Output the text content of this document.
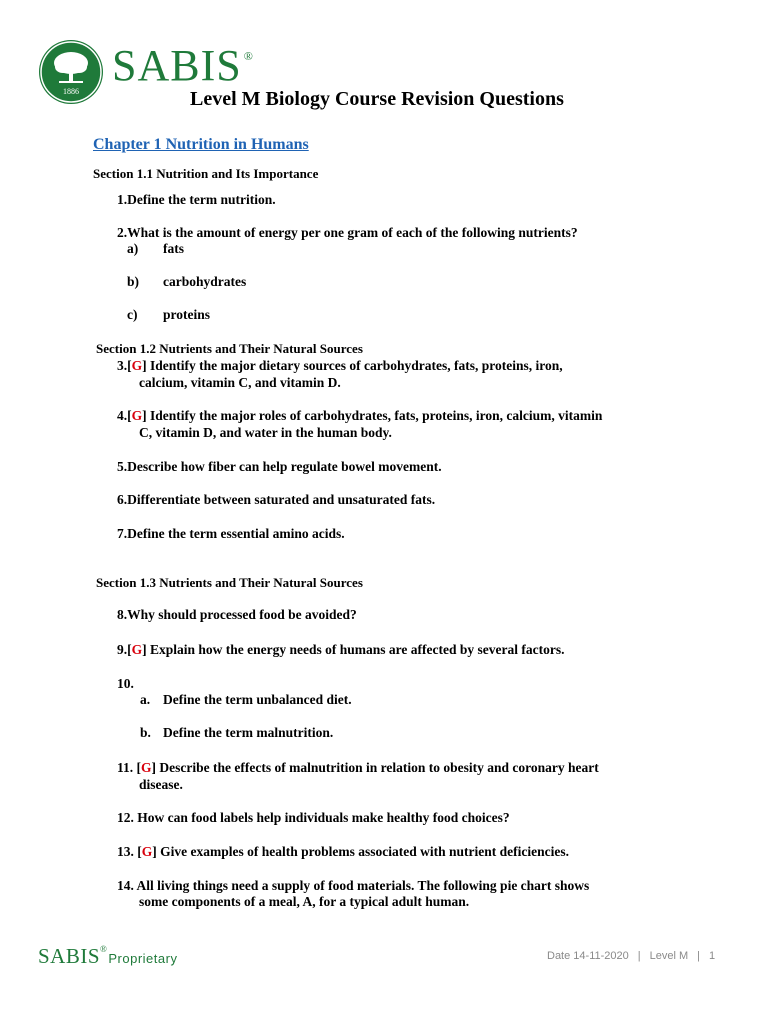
1886
SABIS ®
Level M Biology Course Revision Questions
Chapter 1 Nutrition in Humans
Section 1.1 Nutrition and Its Importance
1.Define the term nutrition.
2.What is the amount of energy per one gram of each of the following nutrients?
a) fats
b) carbohydrates
c) proteins
Section 1.2 Nutrients and Their Natural Sources
3.[G] Identify the major dietary sources of carbohydrates, fats, proteins, iron,
calcium, vitamin C, and vitamin D.
4.[G] Identify the major roles of carbohydrates, fats, proteins, iron, calcium, vitamin
C, vitamin D, and water in the human body.
5.Describe how fiber can help regulate bowel movement.
6.Differentiate between saturated and unsaturated fats.
7.Define the term essential amino acids.
Section 1.3 Nutrients and Their Natural Sources
8.Why should processed food be avoided?
9.[G] Explain how the energy needs of humans are affected by several factors.
10.
a. Define the term unbalanced diet.
b. Define the term malnutrition.
11. [G] Describe the effects of malnutrition in relation to obesity and coronary heart
disease.
12. How can food labels help individuals make healthy food choices?
13. [G] Give examples of health problems associated with nutrient deficiencies.
14. All living things need a supply of food materials. The following pie chart shows
some components of a meal, A, for a typical adult human.
SABIS®Proprietary	Date 14-11-2020 | Level M | 1
